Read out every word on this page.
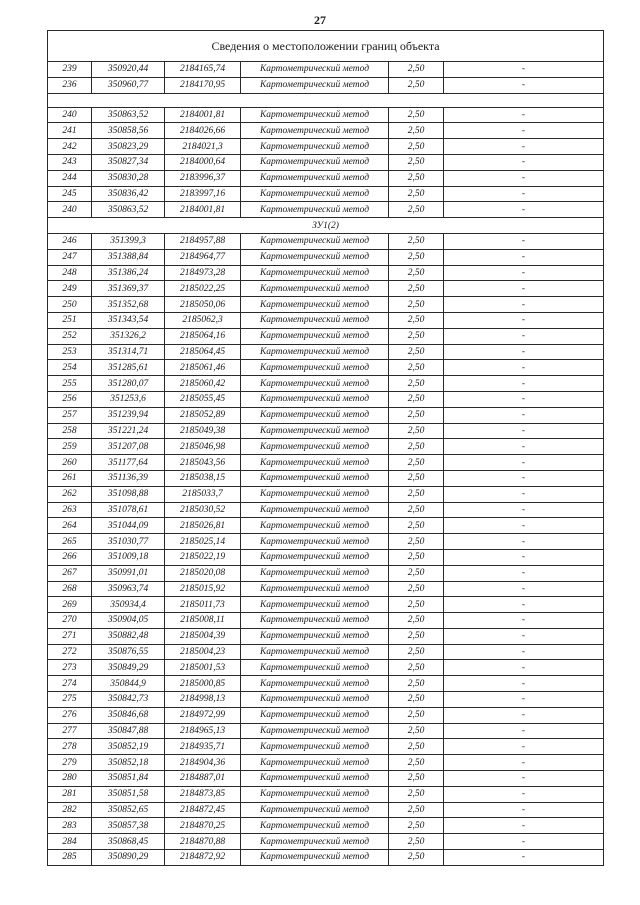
27
Сведения о местоположении границ объекта					
239	350920,44	2184165,74	Картометрический метод	2,50	-
236	350960,77	2184170,95	Картометрический метод	2,50	-

240	350863,52	2184001,81	Картометрический метод	2,50	-
241	350858,56	2184026,66	Картометрический метод	2,50	-
242	350823,29	2184021,3	Картометрический метод	2,50	-
243	350827,34	2184000,64	Картометрический метод	2,50	-
244	350830,28	2183996,37	Картометрический метод	2,50	-
245	350836,42	2183997,16	Картометрический метод	2,50	-
240	350863,52	2184001,81	Картометрический метод	2,50	-
ЗУ1(2)					
246	351399,3	2184957,88	Картометрический метод	2,50	-
247	351388,84	2184964,77	Картометрический метод	2,50	-
248	351386,24	2184973,28	Картометрический метод	2,50	-
249	351369,37	2185022,25	Картометрический метод	2,50	-
250	351352,68	2185050,06	Картометрический метод	2,50	-
251	351343,54	2185062,3	Картометрический метод	2,50	-
252	351326,2	2185064,16	Картометрический метод	2,50	-
253	351314,71	2185064,45	Картометрический метод	2,50	-
254	351285,61	2185061,46	Картометрический метод	2,50	-
255	351280,07	2185060,42	Картометрический метод	2,50	-
256	351253,6	2185055,45	Картометрический метод	2,50	-
257	351239,94	2185052,89	Картометрический метод	2,50	-
258	351221,24	2185049,38	Картометрический метод	2,50	-
259	351207,08	2185046,98	Картометрический метод	2,50	-
260	351177,64	2185043,56	Картометрический метод	2,50	-
261	351136,39	2185038,15	Картометрический метод	2,50	-
262	351098,88	2185033,7	Картометрический метод	2,50	-
263	351078,61	2185030,52	Картометрический метод	2,50	-
264	351044,09	2185026,81	Картометрический метод	2,50	-
265	351030,77	2185025,14	Картометрический метод	2,50	-
266	351009,18	2185022,19	Картометрический метод	2,50	-
267	350991,01	2185020,08	Картометрический метод	2,50	-
268	350963,74	2185015,92	Картометрический метод	2,50	-
269	350934,4	2185011,73	Картометрический метод	2,50	-
270	350904,05	2185008,11	Картометрический метод	2,50	-
271	350882,48	2185004,39	Картометрический метод	2,50	-
272	350876,55	2185004,23	Картометрический метод	2,50	-
273	350849,29	2185001,53	Картометрический метод	2,50	-
274	350844,9	2185000,85	Картометрический метод	2,50	-
275	350842,73	2184998,13	Картометрический метод	2,50	-
276	350846,68	2184972,99	Картометрический метод	2,50	-
277	350847,88	2184965,13	Картометрический метод	2,50	-
278	350852,19	2184935,71	Картометрический метод	2,50	-
279	350852,18	2184904,36	Картометрический метод	2,50	-
280	350851,84	2184887,01	Картометрический метод	2,50	-
281	350851,58	2184873,85	Картометрический метод	2,50	-
282	350852,65	2184872,45	Картометрический метод	2,50	-
283	350857,38	2184870,25	Картометрический метод	2,50	-
284	350868,45	2184870,88	Картометрический метод	2,50	-
285	350890,29	2184872,92	Картометрический метод	2,50	-
